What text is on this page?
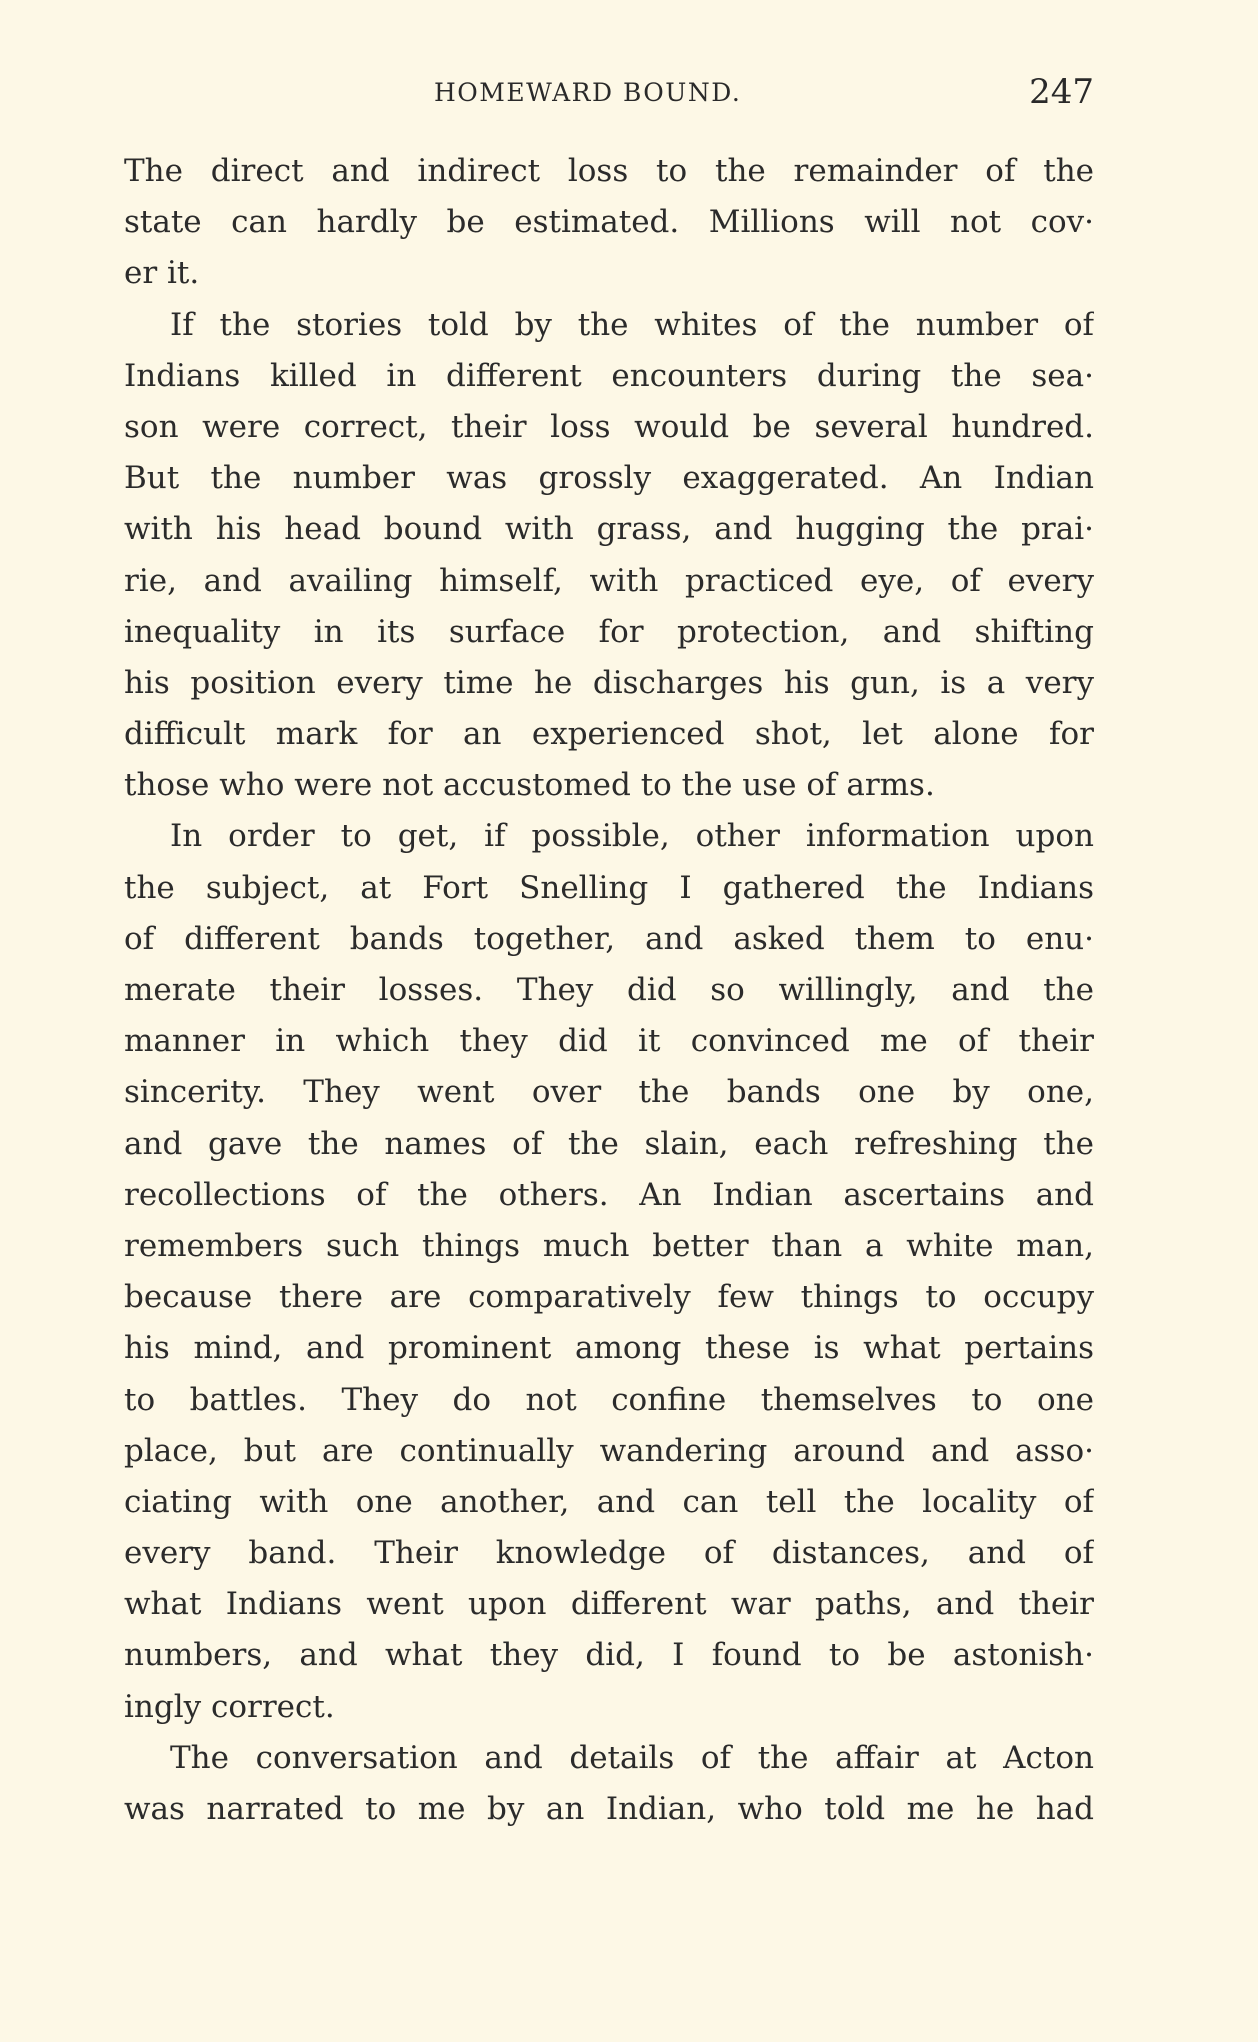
HOMEWARD BOUND.	247
The direct and indirect loss to the remainder of the
state can hardly be estimated. Millions will not cov·
er it.
If the stories told by the whites of the number of
Indians killed in different encounters during the sea·
son were correct, their loss would be several hundred.
But the number was grossly exaggerated. An Indian
with his head bound with grass, and hugging the prai·
rie, and availing himself, with practiced eye, of every
inequality in its surface for protection, and shifting
his position every time he discharges his gun, is a very
difficult mark for an experienced shot, let alone for
those who were not accustomed to the use of arms.
In order to get, if possible, other information upon
the subject, at Fort Snelling I gathered the Indians
of different bands together, and asked them to enu·
merate their losses. They did so willingly, and the
manner in which they did it convinced me of their
sincerity. They went over the bands one by one,
and gave the names of the slain, each refreshing the
recollections of the others. An Indian ascertains and
remembers such things much better than a white man,
because there are comparatively few things to occupy
his mind, and prominent among these is what pertains
to battles. They do not confine themselves to one
place, but are continually wandering around and asso·
ciating with one another, and can tell the locality of
every band. Their knowledge of distances, and of
what Indians went upon different war paths, and their
numbers, and what they did, I found to be astonish·
ingly correct.
The conversation and details of the affair at Acton
was narrated to me by an Indian, who told me he had
